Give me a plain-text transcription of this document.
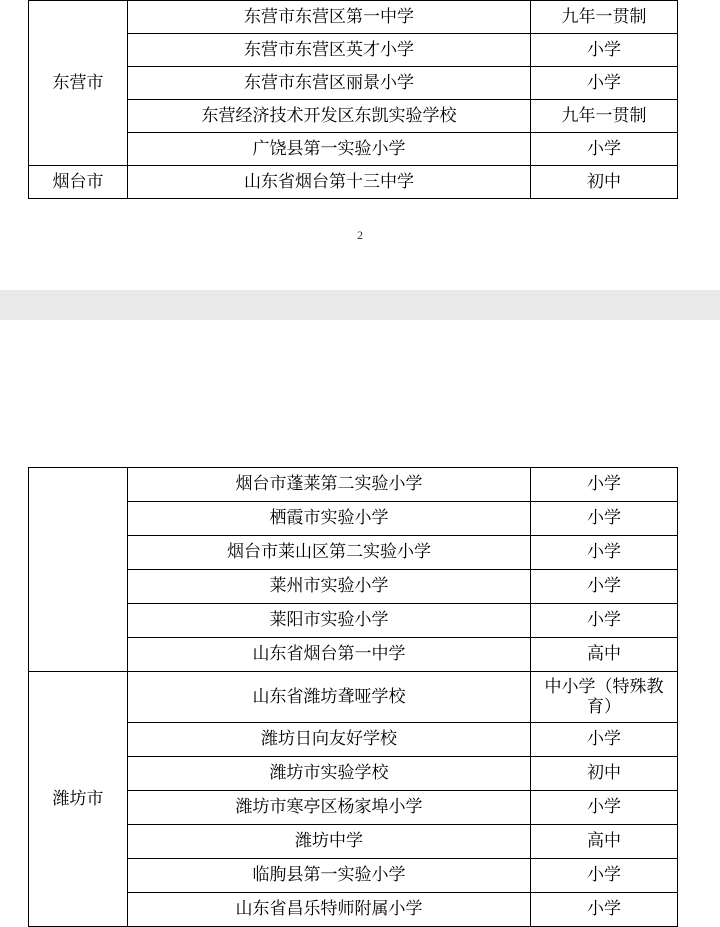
东营市	东营市东营区第一中学	九年一贯制
	东营市东营区英才小学	小学
	东营市东营区丽景小学	小学
	东营经济技术开发区东凯实验学校	九年一贯制
	广饶县第一实验小学	小学
烟台市	山东省烟台第十三中学	初中
2
	烟台市蓬莱第二实验小学	小学
	栖霞市实验小学	小学
	烟台市莱山区第二实验小学	小学
	莱州市实验小学	小学
	莱阳市实验小学	小学
	山东省烟台第一中学	高中
潍坊市	山东省潍坊聋哑学校	中小学（特殊教育）
	潍坊日向友好学校	小学
	潍坊市实验学校	初中
	潍坊市寒亭区杨家埠小学	小学
	潍坊中学	高中
	临朐县第一实验小学	小学
	山东省昌乐特师附属小学	小学
